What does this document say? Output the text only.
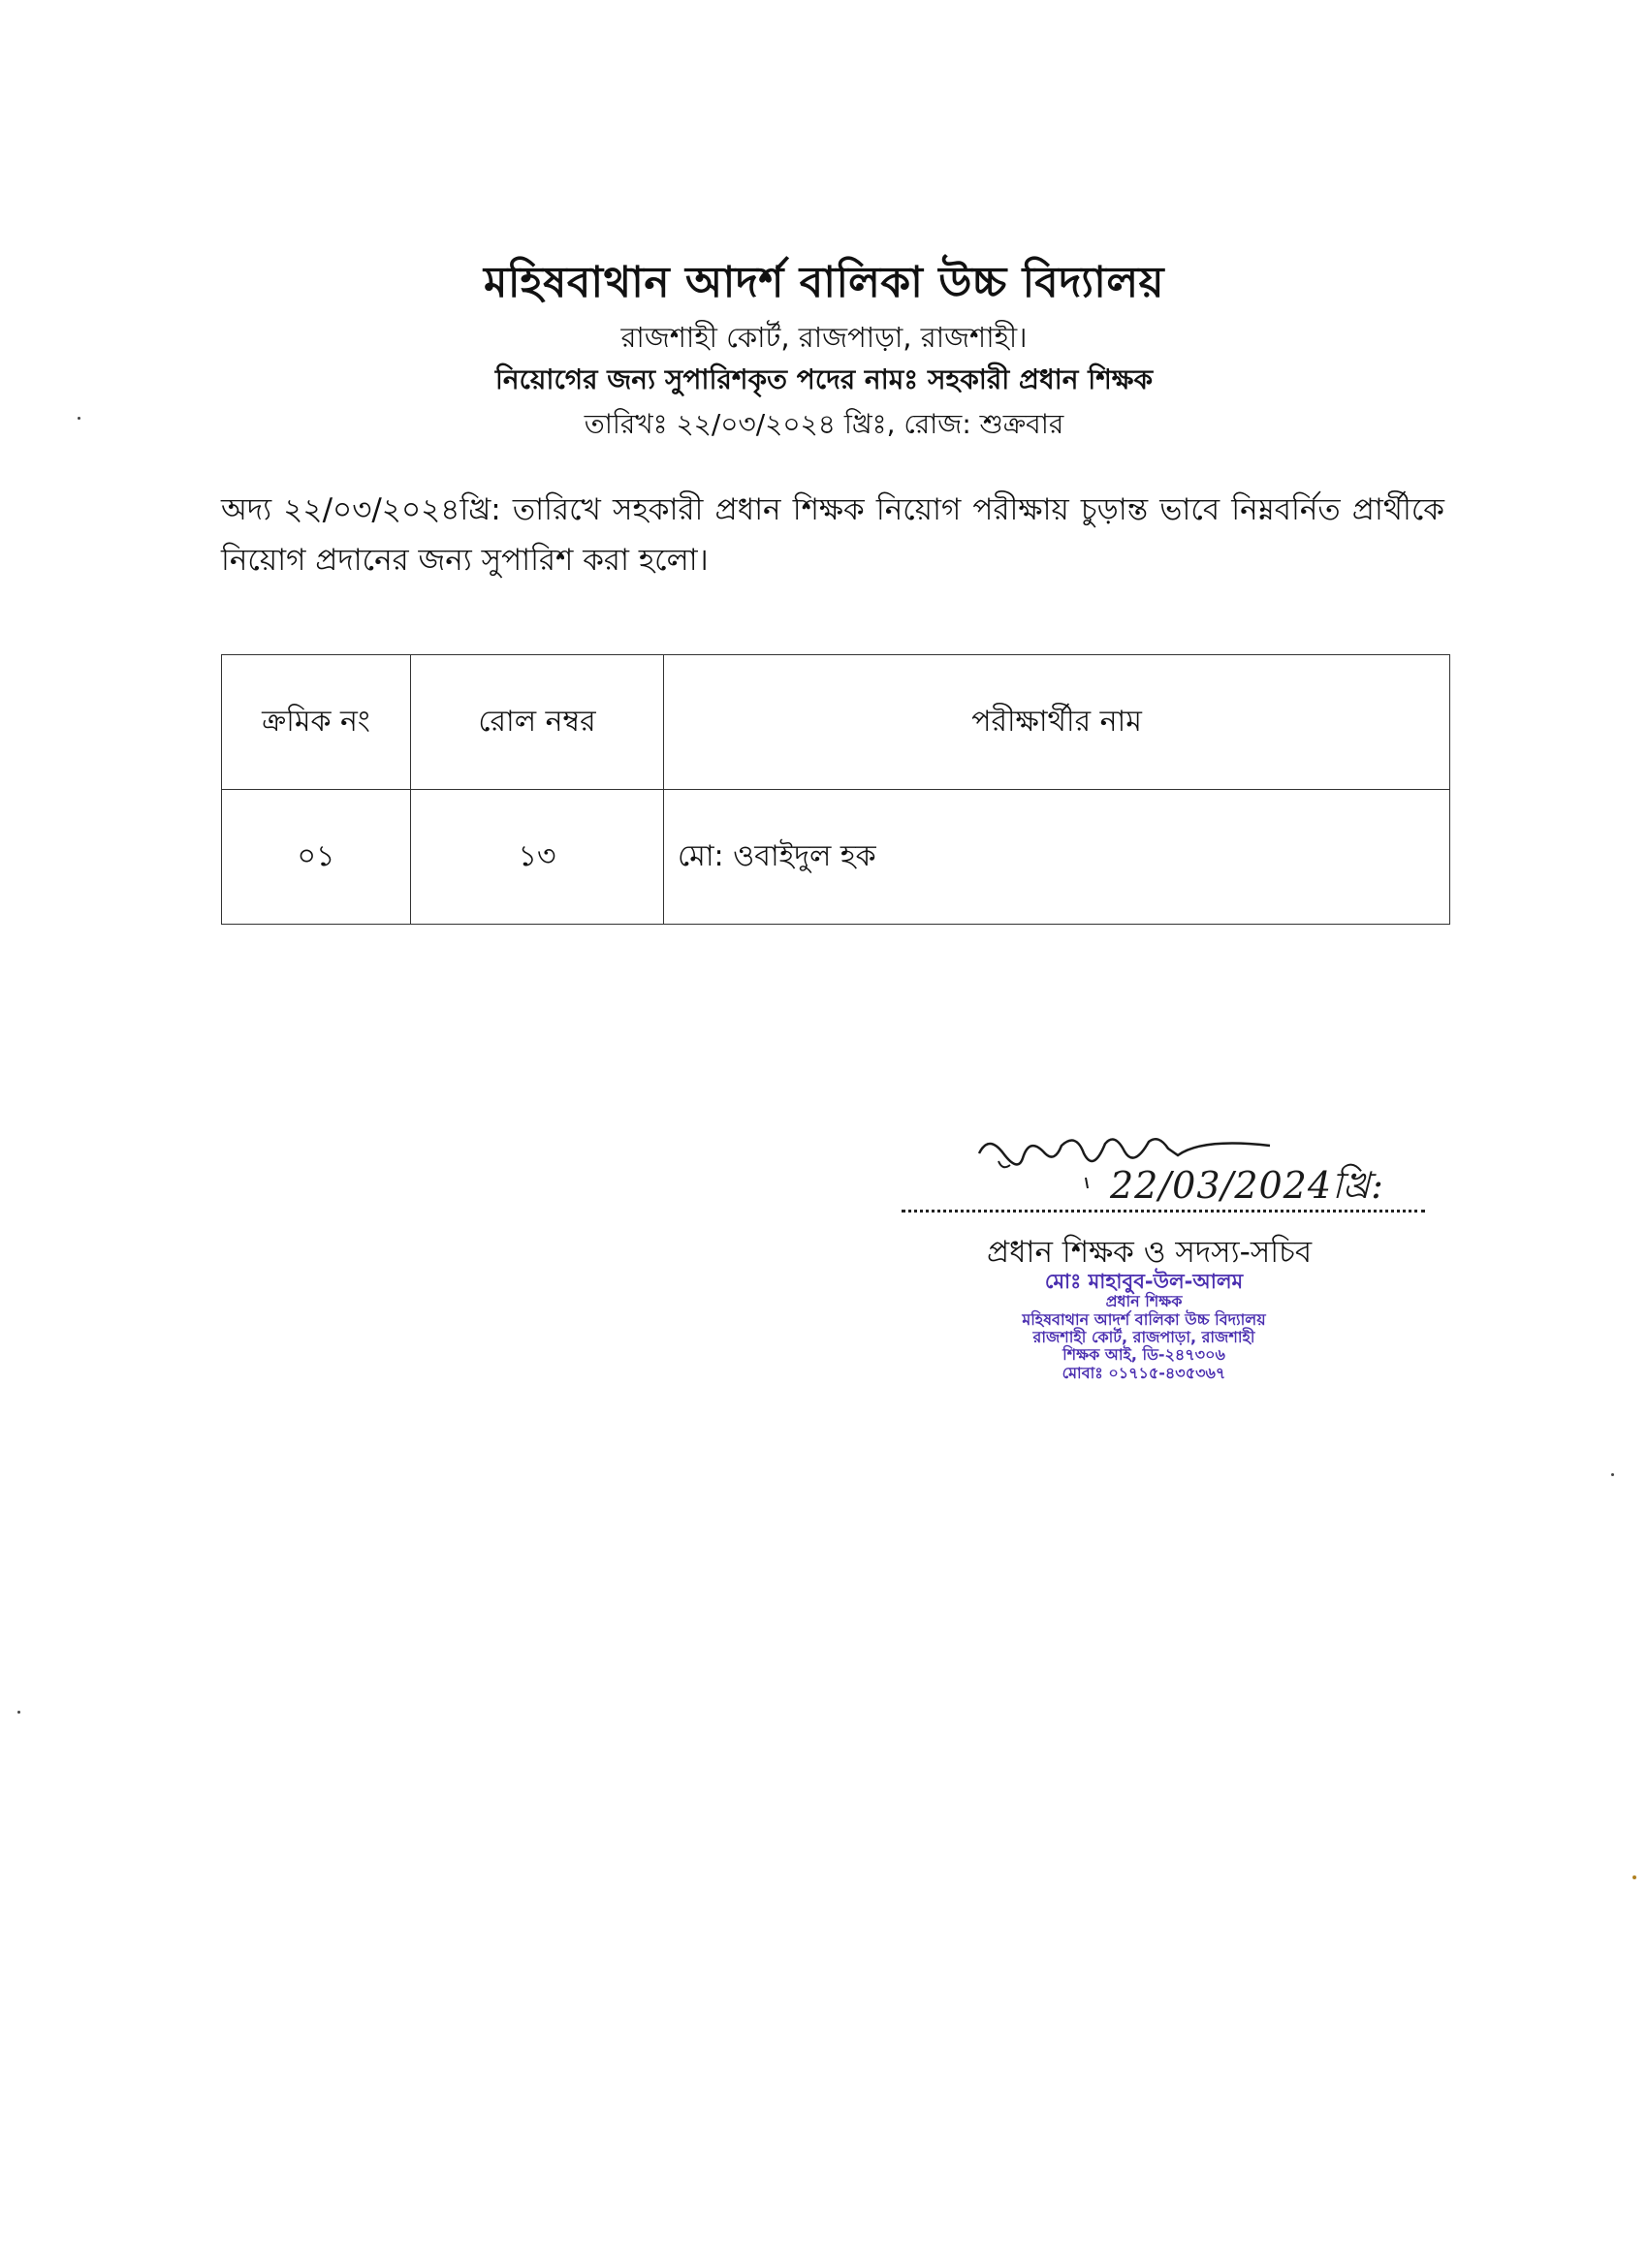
মহিষবাথান আদর্শ বালিকা উচ্চ বিদ্যালয়
রাজশাহী কোর্ট, রাজপাড়া, রাজশাহী।
নিয়োগের জন্য সুপারিশকৃত পদের নামঃ সহকারী প্রধান শিক্ষক
তারিখঃ ২২/০৩/২০২৪ খ্রিঃ, রোজ: শুক্রবার
অদ্য ২২/০৩/২০২৪খ্রি: তারিখে সহকারী প্রধান শিক্ষক নিয়োগ পরীক্ষায় চুড়ান্ত ভাবে নিম্নবর্নিত প্রার্থীকে নিয়োগ প্রদানের জন্য সুপারিশ করা হলো।
ক্রমিক নং	রোল নম্বর	পরীক্ষার্থীর নাম
০১	১৩	মো: ওবাইদুল হক
22/03/2024খ্রি:
প্রধান শিক্ষক ও সদস্য-সচিব
মোঃ মাহাবুব-উল-আলম
প্রধান শিক্ষক
মহিষবাথান আদর্শ বালিকা উচ্চ বিদ্যালয়
রাজশাহী কোর্ট, রাজপাড়া, রাজশাহী
শিক্ষক আই, ডি-২৪৭৩০৬
মোবাঃ ০১৭১৫-৪৩৫৩৬৭
